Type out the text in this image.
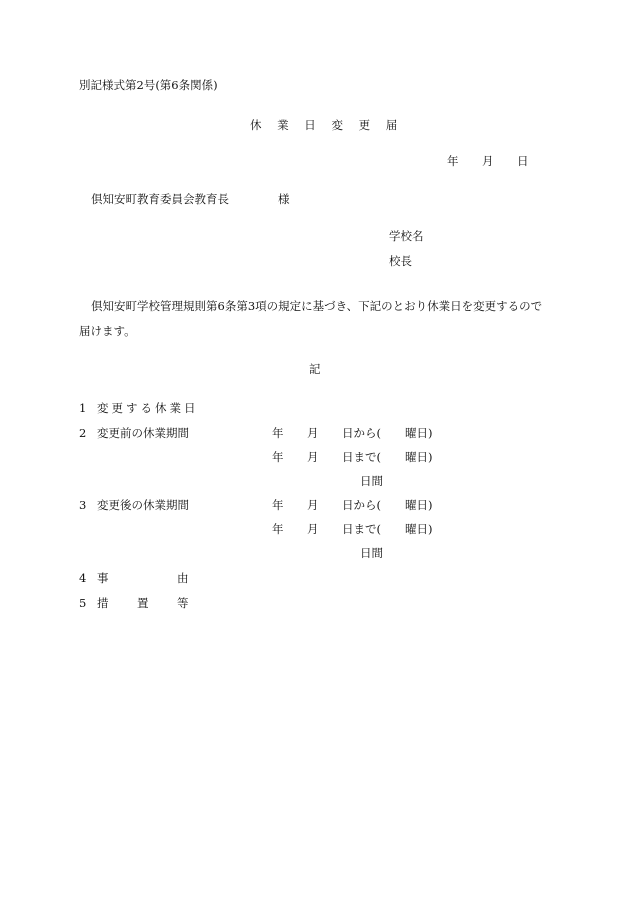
別記様式第2号(第6条関係)
休 業 日 変 更 届
年 月 日
倶知安町教育委員会教育長	様
学校名
校長
倶知安町学校管理規則第6条第3項の規定に基づき、下記のとおり休業日を変更するので
届けます。
記
1 変更する休業日
2 変更前の休業期間	年 月 日から( 曜日)
年 月 日まで( 曜日)
日間
3 変更後の休業期間	年 月 日から( 曜日)
年 月 日まで( 曜日)
日間
4 事	由
5 措 置 等
